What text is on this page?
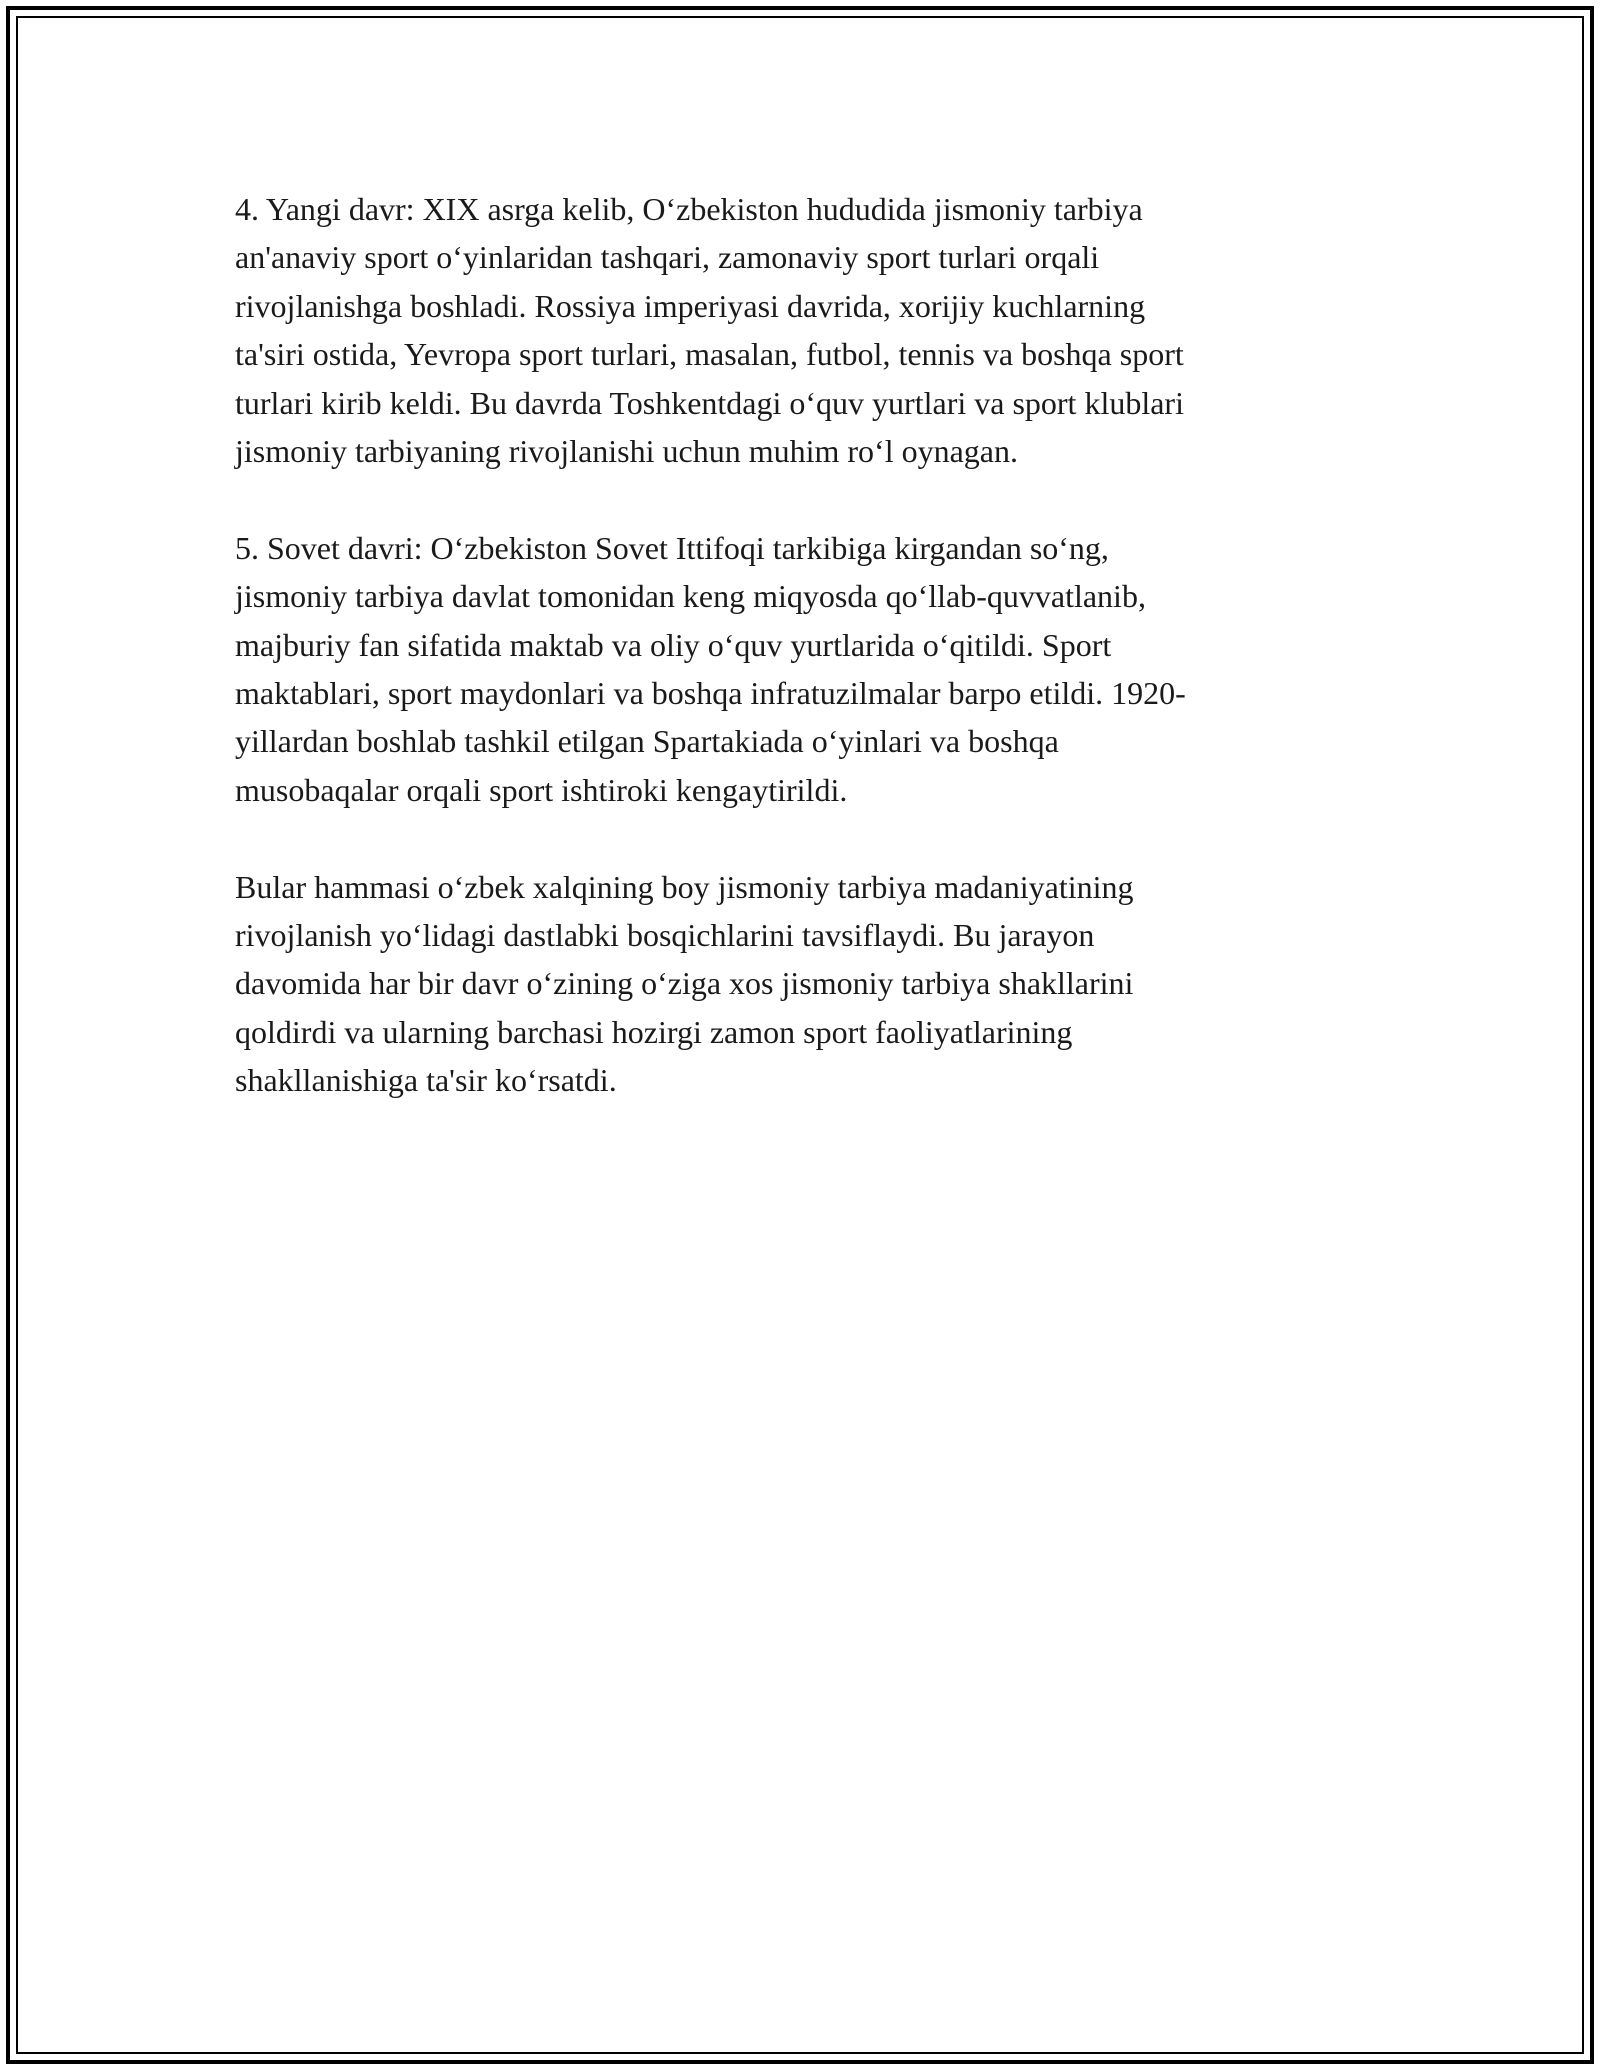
4. Yangi davr: XIX asrga kelib, O‘zbekiston hududida jismoniy tarbiya
an'anaviy sport o‘yinlaridan tashqari, zamonaviy sport turlari orqali
rivojlanishga boshladi. Rossiya imperiyasi davrida, xorijiy kuchlarning
ta'siri ostida, Yevropa sport turlari, masalan, futbol, tennis va boshqa sport
turlari kirib keldi. Bu davrda Toshkentdagi o‘quv yurtlari va sport klublari
jismoniy tarbiyaning rivojlanishi uchun muhim ro‘l oynagan.

5. Sovet davri: O‘zbekiston Sovet Ittifoqi tarkibiga kirgandan so‘ng,
jismoniy tarbiya davlat tomonidan keng miqyosda qo‘llab-quvvatlanib,
majburiy fan sifatida maktab va oliy o‘quv yurtlarida o‘qitildi. Sport
maktablari, sport maydonlari va boshqa infratuzilmalar barpo etildi. 1920-
yillardan boshlab tashkil etilgan Spartakiada o‘yinlari va boshqa
musobaqalar orqali sport ishtiroki kengaytirildi.

Bular hammasi o‘zbek xalqining boy jismoniy tarbiya madaniyatining
rivojlanish yo‘lidagi dastlabki bosqichlarini tavsiflaydi. Bu jarayon
davomida har bir davr o‘zining o‘ziga xos jismoniy tarbiya shakllarini
qoldirdi va ularning barchasi hozirgi zamon sport faoliyatlarining
shakllanishiga ta'sir ko‘rsatdi.
